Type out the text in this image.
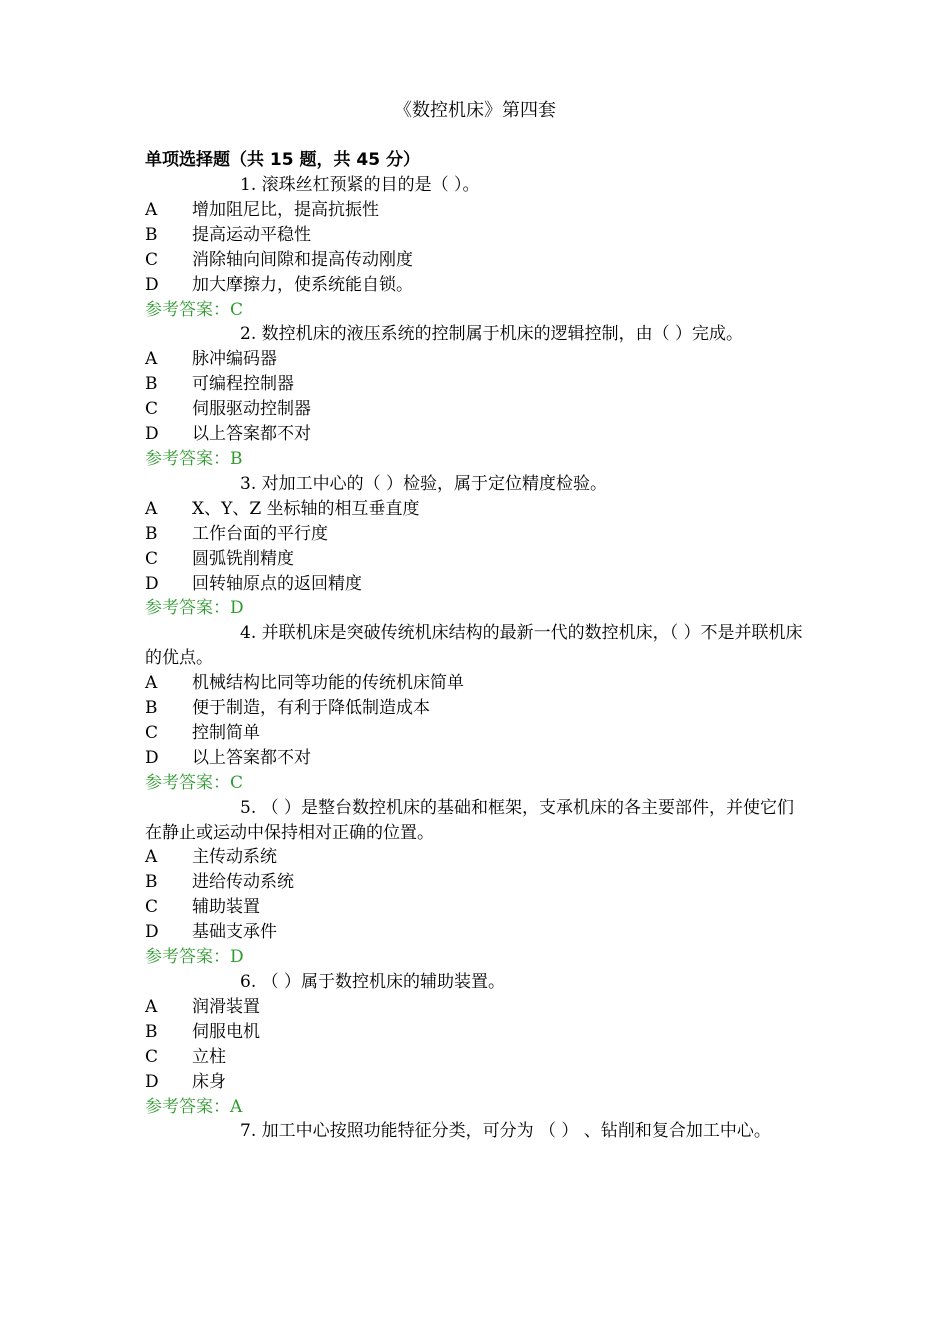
《数控机床》第四套
单项选择题（共 15 题，共 45 分）
1. 滚珠丝杠预紧的目的是（ ）。
A	增加阻尼比，提高抗振性
B	提高运动平稳性
C	消除轴向间隙和提高传动刚度
D	加大摩擦力，使系统能自锁。
参考答案：C
2. 数控机床的液压系统的控制属于机床的逻辑控制，由（ ）完成。
A	脉冲编码器
B	可编程控制器
C	伺服驱动控制器
D	以上答案都不对
参考答案：B
3. 对加工中心的（ ）检验，属于定位精度检验。
A	X、Y、Z 坐标轴的相互垂直度
B	工作台面的平行度
C	圆弧铣削精度
D	回转轴原点的返回精度
参考答案：D
4. 并联机床是突破传统机床结构的最新一代的数控机床，（ ）不是并联机床的优点。
A	机械结构比同等功能的传统机床简单
B	便于制造，有利于降低制造成本
C	控制简单
D	以上答案都不对
参考答案：C
5. （ ）是整台数控机床的基础和框架，支承机床的各主要部件，并使它们在静止或运动中保持相对正确的位置。
A	主传动系统
B	进给传动系统
C	辅助装置
D	基础支承件
参考答案：D
6. （ ）属于数控机床的辅助装置。
A	润滑装置
B	伺服电机
C	立柱
D	床身
参考答案：A
7. 加工中心按照功能特征分类，可分为 （ ） 、钻削和复合加工中心。
